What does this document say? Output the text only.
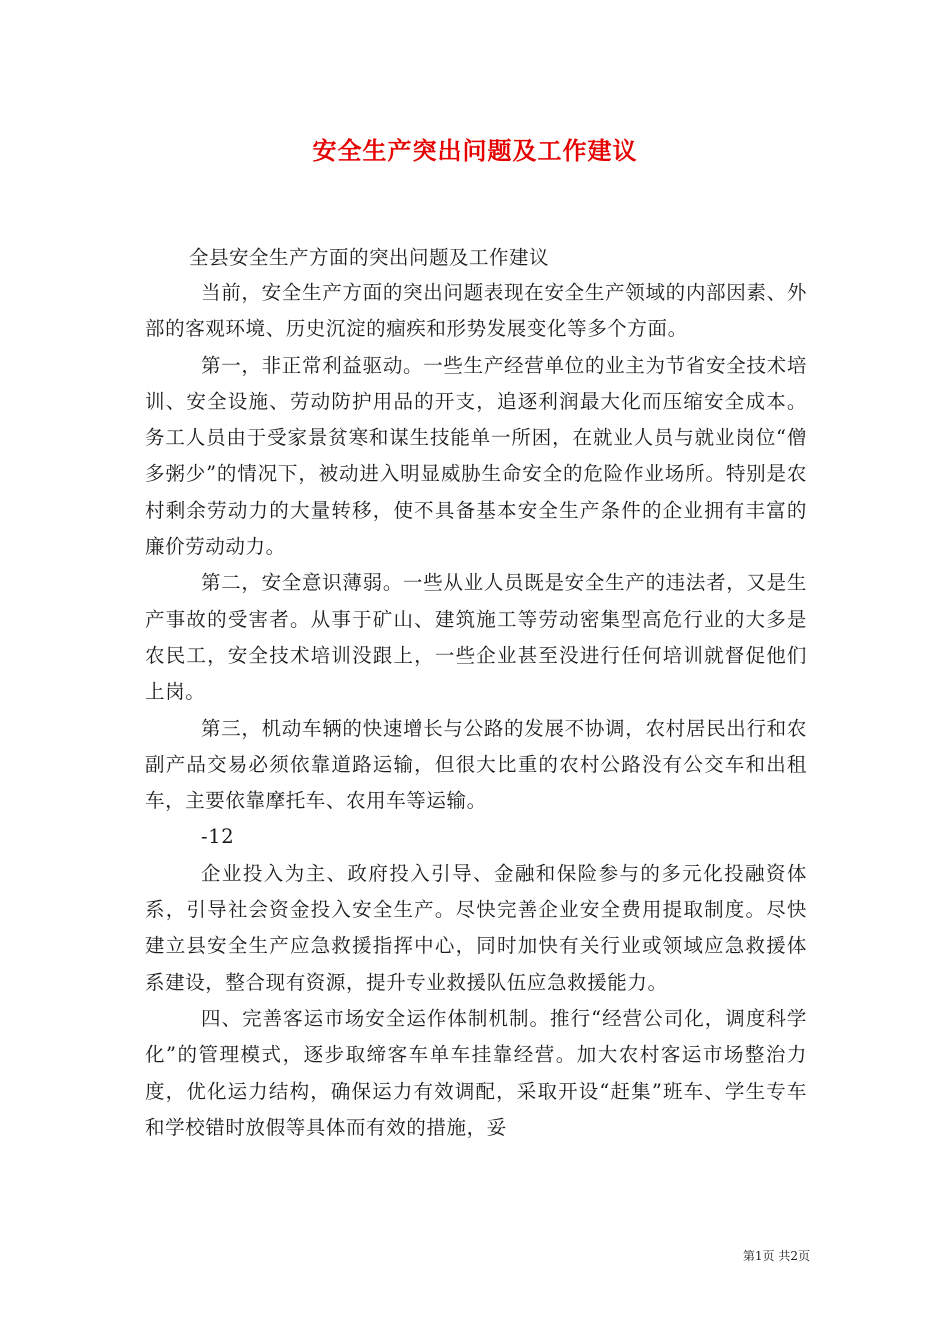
安全生产突出问题及工作建议

全县安全生产方面的突出问题及工作建议

当前，安全生产方面的突出问题表现在安全生产领域的内部因素、外部的客观环境、历史沉淀的痼疾和形势发展变化等多个方面。

第一，非正常利益驱动。一些生产经营单位的业主为节省安全技术培训、安全设施、劳动防护用品的开支，追逐利润最大化而压缩安全成本。务工人员由于受家景贫寒和谋生技能单一所困，在就业人员与就业岗位“僧多粥少”的情况下，被动进入明显威胁生命安全的危险作业场所。特别是农村剩余劳动力的大量转移，使不具备基本安全生产条件的企业拥有丰富的廉价劳动动力。

第二，安全意识薄弱。一些从业人员既是安全生产的违法者，又是生产事故的受害者。从事于矿山、建筑施工等劳动密集型高危行业的大多是农民工，安全技术培训没跟上，一些企业甚至没进行任何培训就督促他们上岗。

第三，机动车辆的快速增长与公路的发展不协调，农村居民出行和农副产品交易必须依靠道路运输，但很大比重的农村公路没有公交车和出租车，主要依靠摩托车、农用车等运输。

-12

企业投入为主、政府投入引导、金融和保险参与的多元化投融资体系，引导社会资金投入安全生产。尽快完善企业安全费用提取制度。尽快建立县安全生产应急救援指挥中心，同时加快有关行业或领域应急救援体系建设，整合现有资源，提升专业救援队伍应急救援能力。

四、完善客运市场安全运作体制机制。推行“经营公司化，调度科学化”的管理模式，逐步取缔客车单车挂靠经营。加大农村客运市场整治力度，优化运力结构，确保运力有效调配，采取开设“赶集”班车、学生专车和学校错时放假等具体而有效的措施，妥

第1页 共2页
